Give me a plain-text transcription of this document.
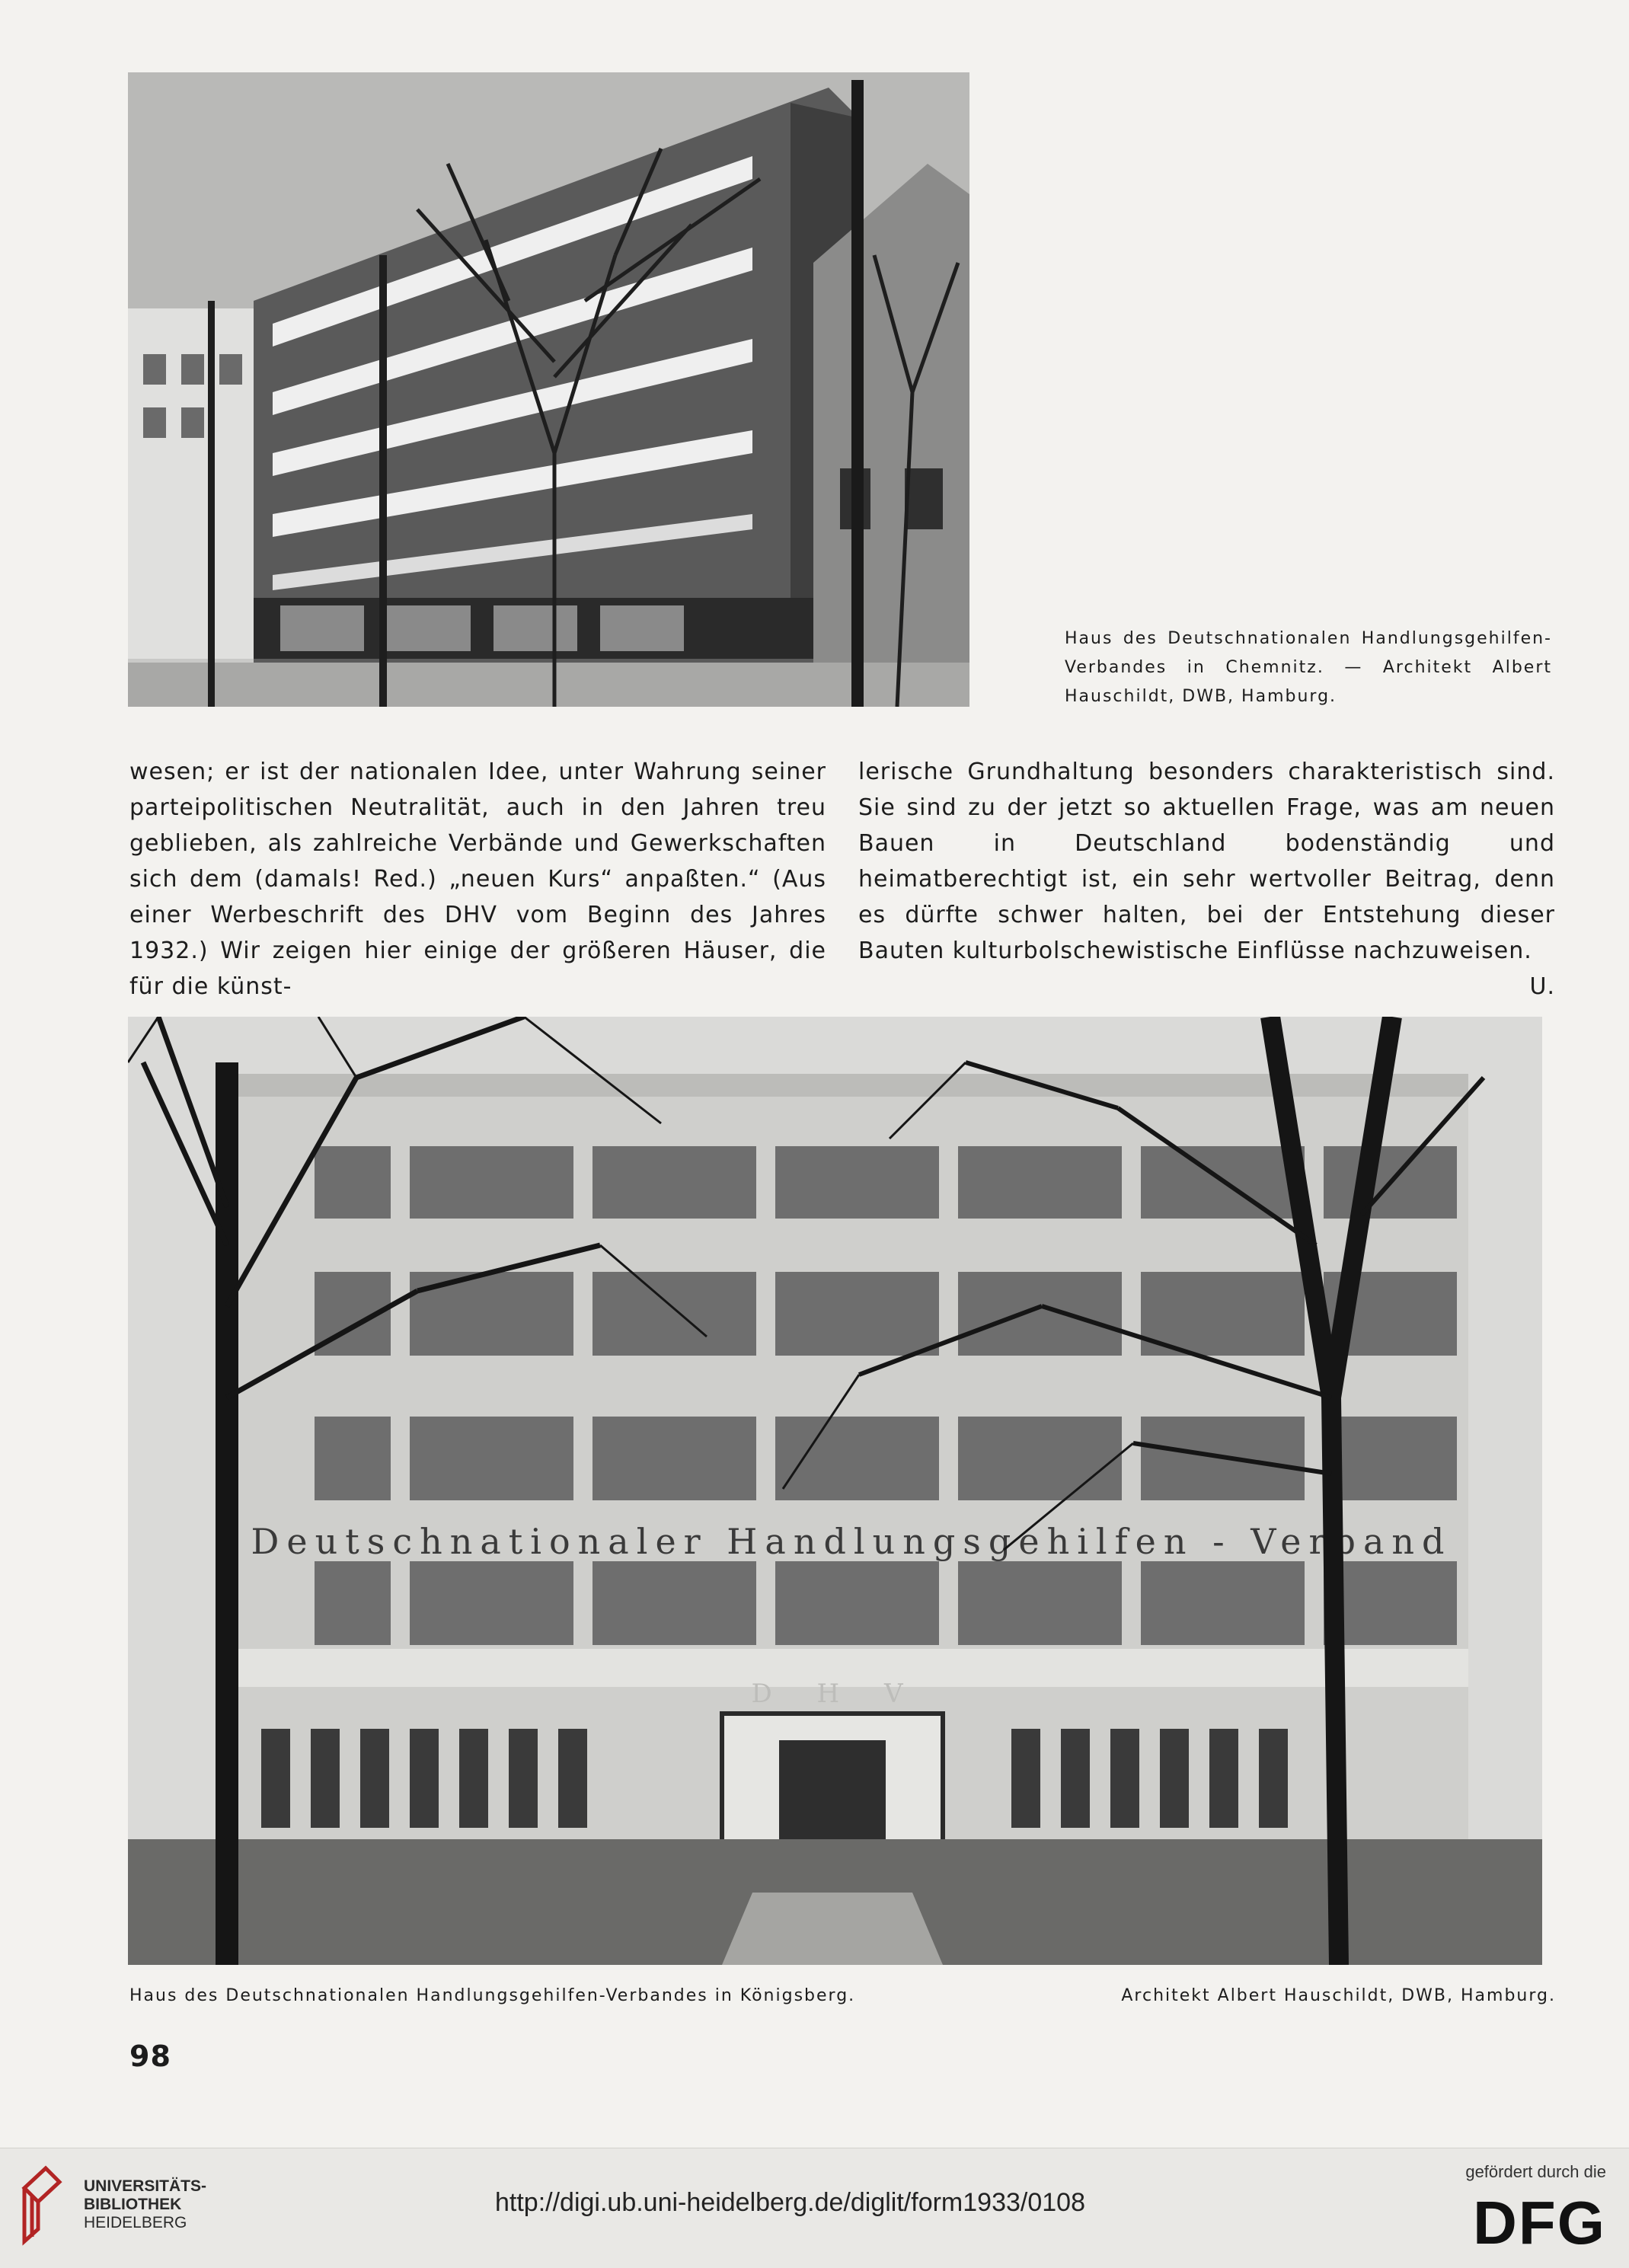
Haus des Deutschnationalen Handlungsgehilfen-Verbandes in Chemnitz. — Architekt Albert Hauschildt, DWB, Hamburg.
wesen; er ist der nationalen Idee, unter Wahrung seiner parteipolitischen Neutralität, auch in den Jahren treu geblieben, als zahlreiche Verbände und Gewerkschaften sich dem (damals! Red.) „neuen Kurs“ anpaßten.“ (Aus einer Werbeschrift des DHV vom Beginn des Jahres 1932.) Wir zeigen hier einige der größeren Häuser, die für die künst-
lerische Grundhaltung besonders charakteristisch sind. Sie sind zu der jetzt so aktuellen Frage, was am neuen Bauen in Deutschland bodenständig und heimatberechtigt ist, ein sehr wertvoller Beitrag, denn es dürfte schwer halten, bei der Entstehung dieser Bauten kulturbolschewistische Einflüsse nachzuweisen.
U.
Deutschnationaler Handlungsgehilfen - Verband
D H V
Haus des Deutschnationalen Handlungsgehilfen-Verbandes in Königsberg.	Architekt Albert Hauschildt, DWB, Hamburg.
98
UNIVERSITÄTS-
BIBLIOTHEK
HEIDELBERG
http://digi.ub.uni-heidelberg.de/diglit/form1933/0108
gefördert durch die
DFG
